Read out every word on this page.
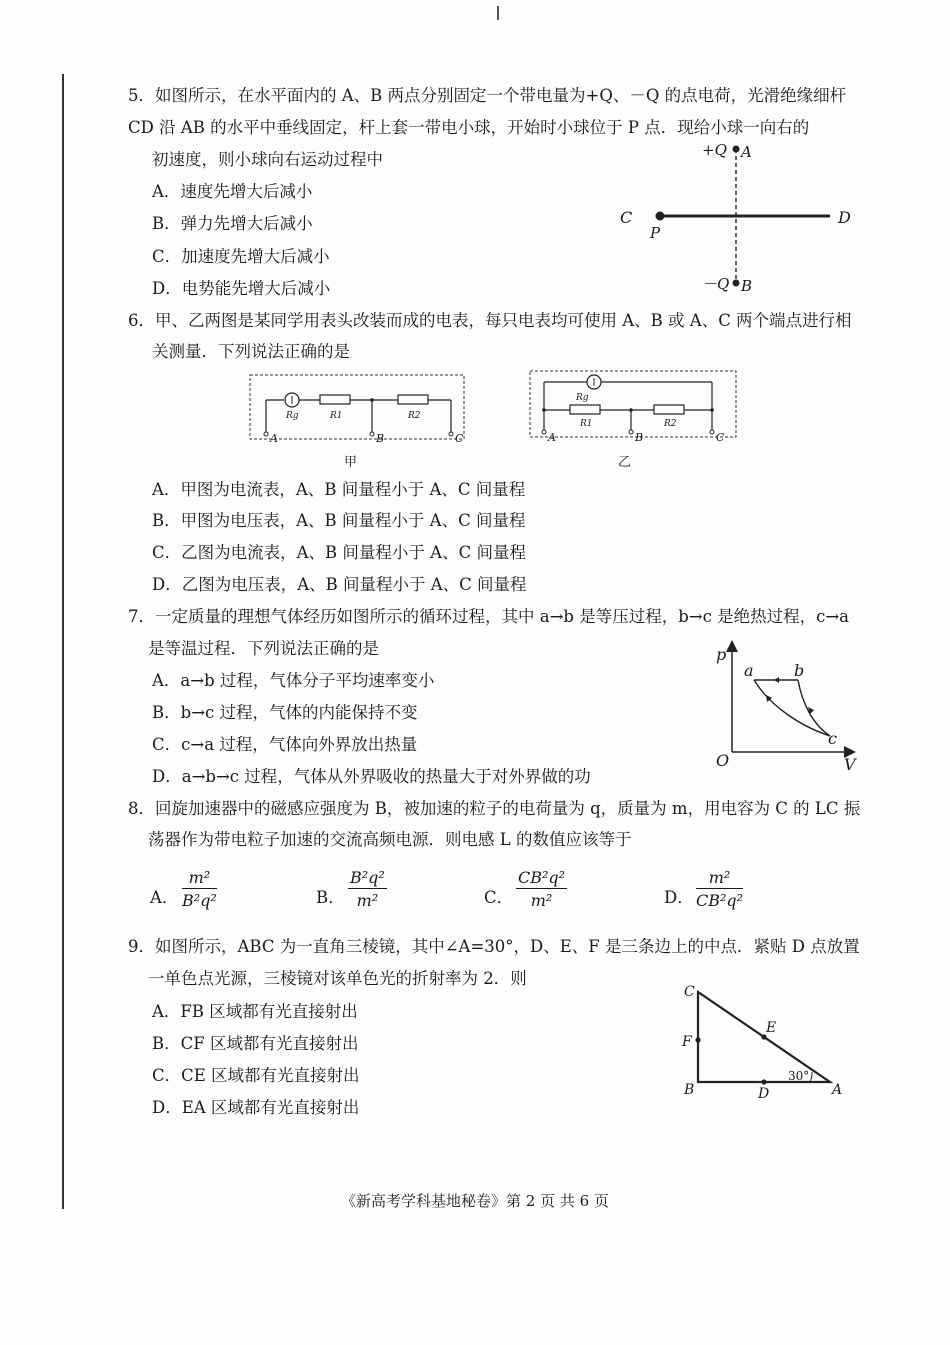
5．如图所示，在水平面内的 A、B 两点分别固定一个带电量为+Q、－Q 的点电荷，光滑绝缘细杆
CD 沿 AB 的水平中垂线固定，杆上套一带电小球，开始时小球位于 P 点．现给小球一向右的
初速度，则小球向右运动过程中
A．速度先增大后减小
B．弹力先增大后减小
C．加速度先增大后减小
D．电势能先增大后减小
+Q A
－Q B
C	D
P
6．甲、乙两图是某同学用表头改装而成的电表，每只电表均可使用 A、B 或 A、C 两个端点进行相
关测量．下列说法正确的是
Rg	R1	R2
A	B	C
甲
Rg
R1	R2
A	B	C
乙
A．甲图为电流表，A、B 间量程小于 A、C 间量程
B．甲图为电压表，A、B 间量程小于 A、C 间量程
C．乙图为电流表，A、B 间量程小于 A、C 间量程
D．乙图为电压表，A、B 间量程小于 A、C 间量程
7．一定质量的理想气体经历如图所示的循环过程，其中 a→b 是等压过程，b→c 是绝热过程，c→a
是等温过程．下列说法正确的是
A．a→b 过程，气体分子平均速率变小
B．b→c 过程，气体的内能保持不变
C．c→a 过程，气体向外界放出热量
D．a→b→c 过程，气体从外界吸收的热量大于对外界做的功
p
V
O
a	b
c
8．回旋加速器中的磁感应强度为 B，被加速的粒子的电荷量为 q，质量为 m，用电容为 C 的 LC 振
荡器作为带电粒子加速的交流高频电源．则电感 L 的数值应该等于
A． $\frac{\text{m²}}{\text{B²q²}}$	B． $\frac{\text{B²q²}}{\text{m²}}$	C． $\frac{\text{CB²q²}}{\text{m²}}$	D． $\frac{\text{m²}}{\text{CB²q²}}$
9．如图所示，ABC 为一直角三棱镜，其中∠A=30°，D、E、F 是三条边上的中点．紧贴 D 点放置
一单色点光源，三棱镜对该单色光的折射率为 2．则
A．FB 区域都有光直接射出
B．CF 区域都有光直接射出
C．CE 区域都有光直接射出
D．EA 区域都有光直接射出
C
B	A
D
E
F
30°
《新高考学科基地秘卷》第 2 页 共 6 页
